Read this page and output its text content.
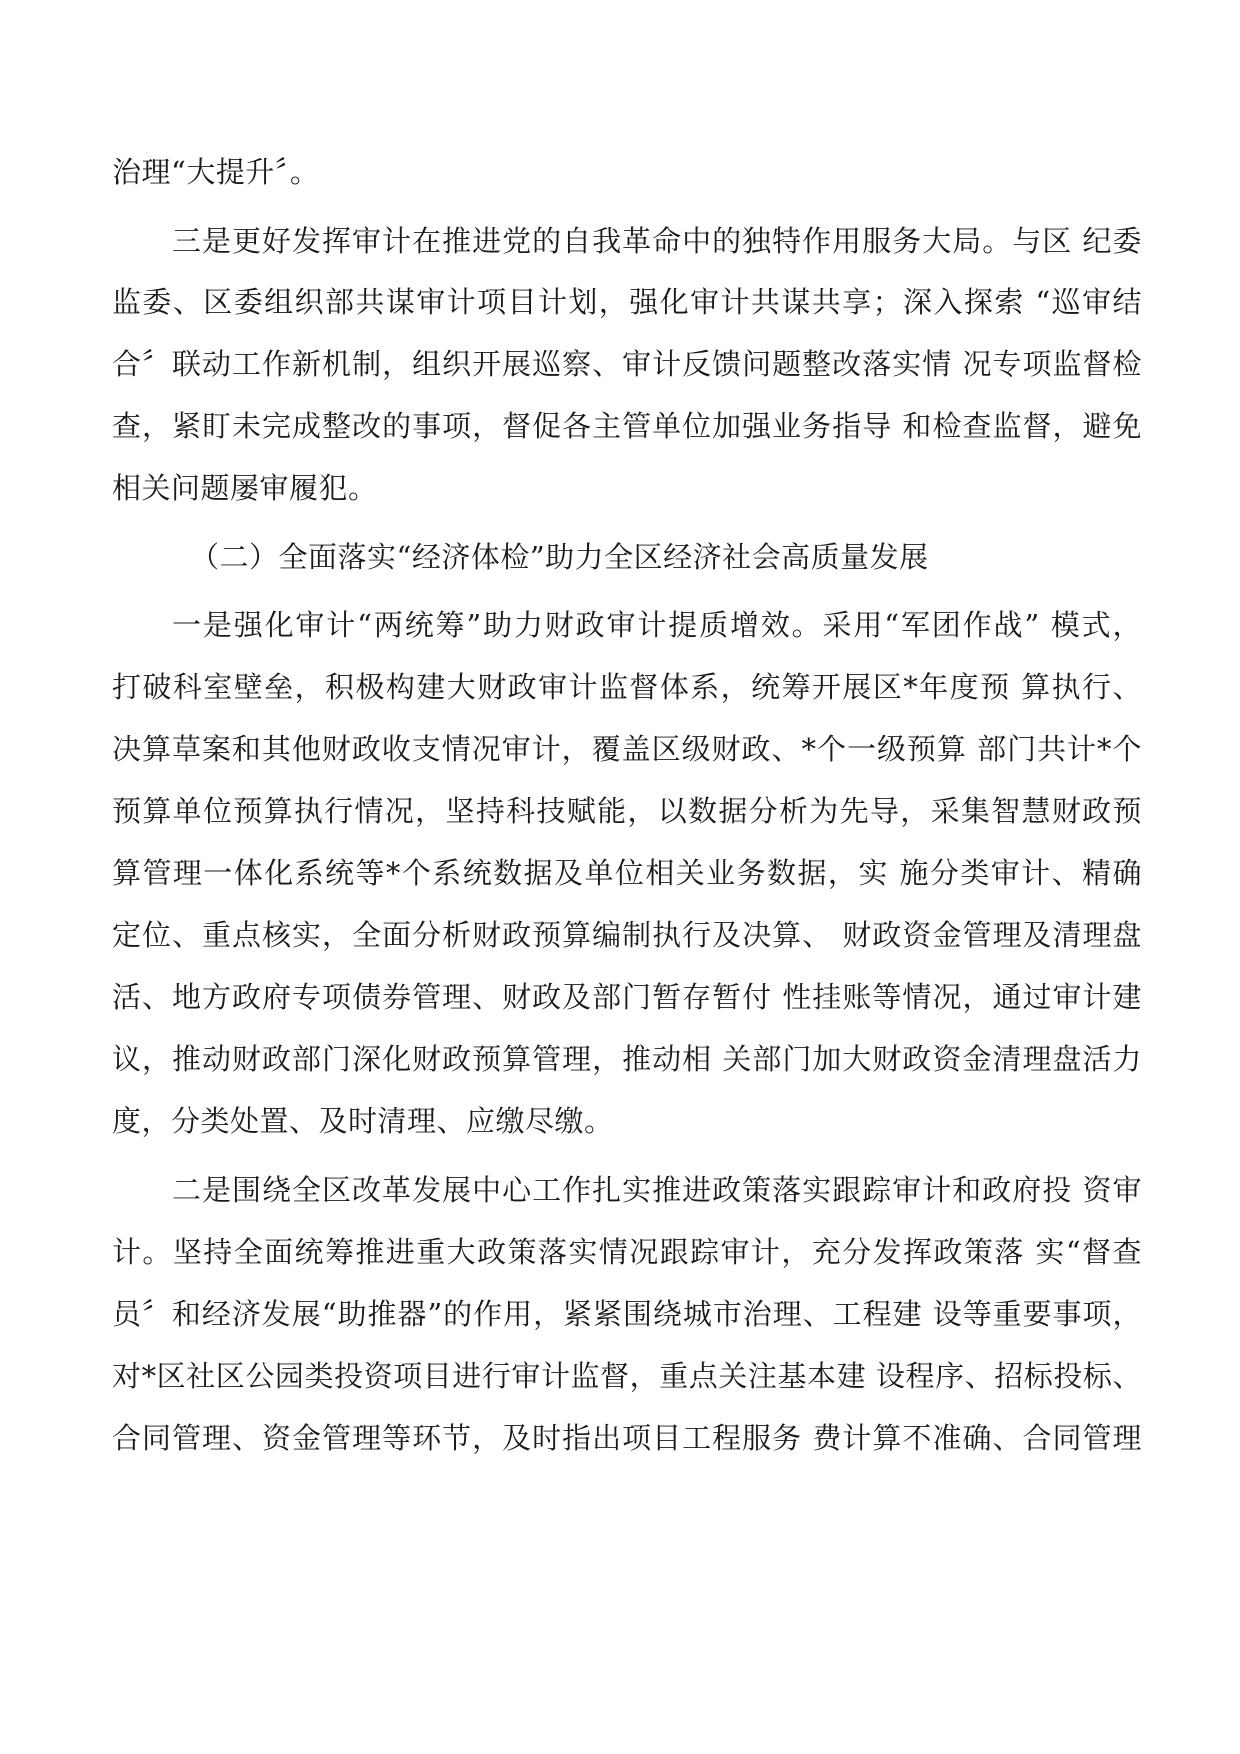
治理“大提升〞。
三是更好发挥审计在推进党的自我革命中的独特作用服务大局。与区 纪委
监委、区委组织部共谋审计项目计划，强化审计共谋共享；深入探索 “巡审结
合〞联动工作新机制，组织开展巡察、审计反馈问题整改落实情 况专项监督检
查，紧盯未完成整改的事项，督促各主管单位加强业务指导 和检查监督，避免
相关问题屡审履犯。
（二）全面落实“经济体检”助力全区经济社会高质量发展
一是强化审计“两统筹”助力财政审计提质增效。采用“军团作战” 模式，
打破科室壁垒，积极构建大财政审计监督体系，统筹开展区*年度预 算执行、
决算草案和其他财政收支情况审计，覆盖区级财政、*个一级预算 部门共计*个
预算单位预算执行情况，坚持科技赋能，以数据分析为先导，采集智慧财政预
算管理一体化系统等*个系统数据及单位相关业务数据，实 施分类审计、精确
定位、重点核实，全面分析财政预算编制执行及决算、 财政资金管理及清理盘
活、地方政府专项债券管理、财政及部门暂存暂付 性挂账等情况，通过审计建
议，推动财政部门深化财政预算管理，推动相 关部门加大财政资金清理盘活力
度，分类处置、及时清理、应缴尽缴。
二是围绕全区改革发展中心工作扎实推进政策落实跟踪审计和政府投 资审
计。坚持全面统筹推进重大政策落实情况跟踪审计，充分发挥政策落 实“督查
员〞和经济发展“助推器”的作用，紧紧围绕城市治理、工程建 设等重要事项，
对*区社区公园类投资项目进行审计监督，重点关注基本建 设程序、招标投标、
合同管理、资金管理等环节，及时指出项目工程服务 费计算不准确、合同管理
